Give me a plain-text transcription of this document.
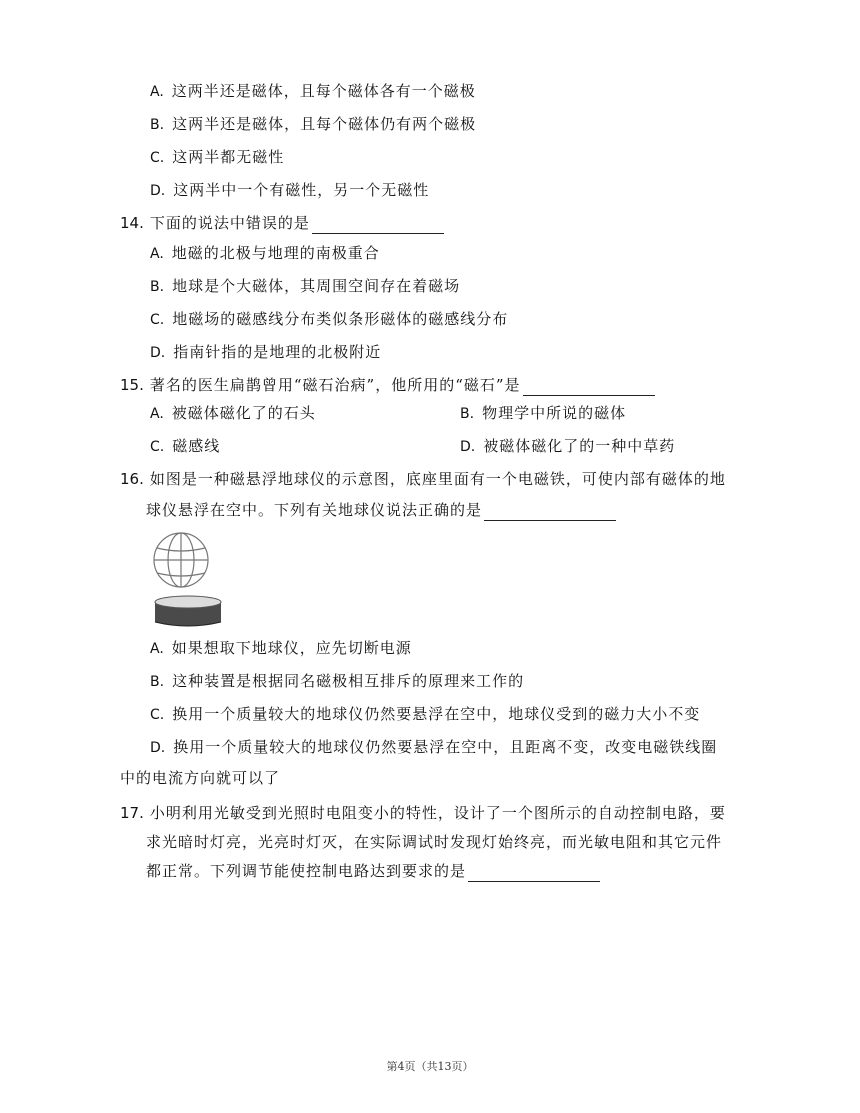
A. 这两半还是磁体，且每个磁体各有一个磁极
B. 这两半还是磁体，且每个磁体仍有两个磁极
C. 这两半都无磁性
D. 这两半中一个有磁性，另一个无磁性
14. 下面的说法中错误的是
A. 地磁的北极与地理的南极重合
B. 地球是个大磁体，其周围空间存在着磁场
C. 地磁场的磁感线分布类似条形磁体的磁感线分布
D. 指南针指的是地理的北极附近
15. 著名的医生扁鹊曾用“磁石治病”，他所用的“磁石”是
A. 被磁体磁化了的石头	B. 物理学中所说的磁体
C. 磁感线	D. 被磁体磁化了的一种中草药
16. 如图是一种磁悬浮地球仪的示意图，底座里面有一个电磁铁，可使内部有磁体的地
球仪悬浮在空中。下列有关地球仪说法正确的是
A. 如果想取下地球仪，应先切断电源
B. 这种装置是根据同名磁极相互排斥的原理来工作的
C. 换用一个质量较大的地球仪仍然要悬浮在空中，地球仪受到的磁力大小不变
D. 换用一个质量较大的地球仪仍然要悬浮在空中，且距离不变，改变电磁铁线圈
中的电流方向就可以了
17. 小明利用光敏受到光照时电阻变小的特性，设计了一个图所示的自动控制电路，要
求光暗时灯亮，光亮时灯灭，在实际调试时发现灯始终亮，而光敏电阻和其它元件
都正常。下列调节能使控制电路达到要求的是
第4页（共13页）
